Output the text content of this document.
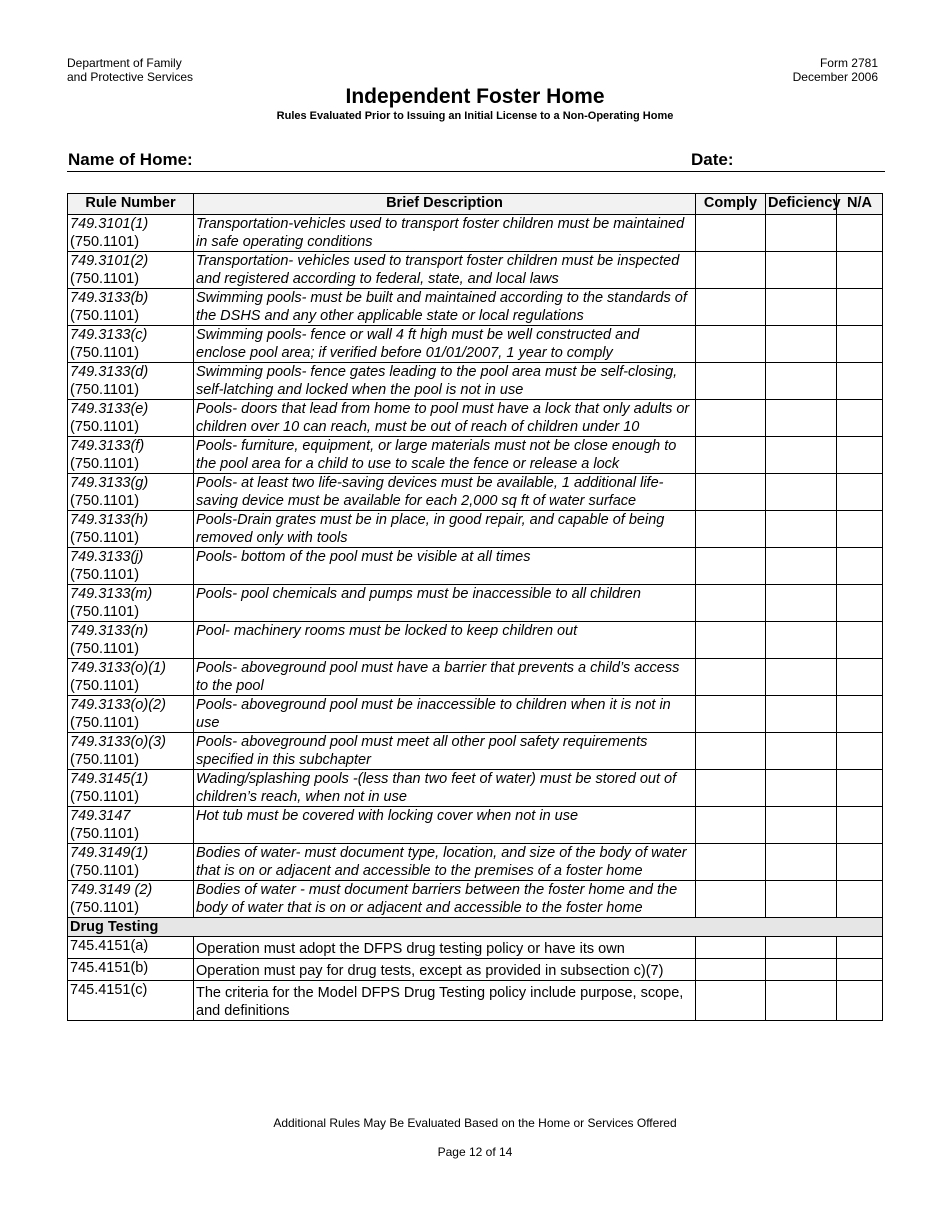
Department of Family
and Protective Services
Form 2781
December 2006
Independent Foster Home
Rules Evaluated Prior to Issuing an Initial License to a Non-Operating Home
Name of Home:	Date:
Rule Number	Brief Description	Comply	Deficiency	N/A

749.3101(1)
(750.1101)	Transportation-vehicles used to transport foster children must be maintained in safe operating conditions			

749.3101(2)
(750.1101)	Transportation- vehicles used to transport foster children must be inspected and registered according to federal, state, and local laws			

749.3133(b)
(750.1101)	Swimming pools- must be built and maintained according to the standards of the DSHS and any other applicable state or local regulations			

749.3133(c)
(750.1101)	Swimming pools- fence or wall 4 ft high must be well constructed and enclose pool area; if verified before 01/01/2007, 1 year to comply			

749.3133(d)
(750.1101)	Swimming pools- fence gates leading to the pool area must be self-closing, self-latching and locked when the pool is not in use			

749.3133(e)
(750.1101)	Pools- doors that lead from home to pool must have a lock that only adults or children over 10 can reach, must be out of reach of children under 10			

749.3133(f)
(750.1101)	Pools- furniture, equipment, or large materials must not be close enough to the pool area for a child to use to scale the fence or release a lock			

749.3133(g)
(750.1101)	Pools- at least two life-saving devices must be available, 1 additional life-saving device must be available for each 2,000 sq ft of water surface			

749.3133(h)
(750.1101)	Pools-Drain grates must be in place, in good repair, and capable of being removed only with tools			

749.3133(j)
(750.1101)	Pools- bottom of the pool must be visible at all times			

749.3133(m)
(750.1101)	Pools- pool chemicals and pumps must be inaccessible to all children			

749.3133(n)
(750.1101)	Pool- machinery rooms must be locked to keep children out			

749.3133(o)(1)
(750.1101)	Pools- aboveground pool must have a barrier that prevents a child’s access to the pool			

749.3133(o)(2)
(750.1101)	Pools- aboveground pool must be inaccessible to children when it is not in use			

749.3133(o)(3)
(750.1101)	Pools- aboveground pool must meet all other pool safety requirements specified in this subchapter			

749.3145(1)
(750.1101)	Wading/splashing pools -(less than two feet of water) must be stored out of children’s reach, when not in use			

749.3147
(750.1101)	Hot tub must be covered with locking cover when not in use			

749.3149(1)
(750.1101)	Bodies of water- must document type, location, and size of the body of water that is on or adjacent and accessible to the premises of a foster home			

749.3149 (2)
(750.1101)	Bodies of water - must document barriers between the foster home and the body of water that is on or adjacent and accessible to the foster home			
Drug Testing				
745.4151(a)	Operation must adopt the DFPS drug testing policy or have its own			
745.4151(b)	Operation must pay for drug tests, except as provided in subsection c)(7)			
745.4151(c)	The criteria for the Model DFPS Drug Testing policy include purpose, scope, and definitions			
Additional Rules May Be Evaluated Based on the Home or Services Offered
Page 12 of 14
